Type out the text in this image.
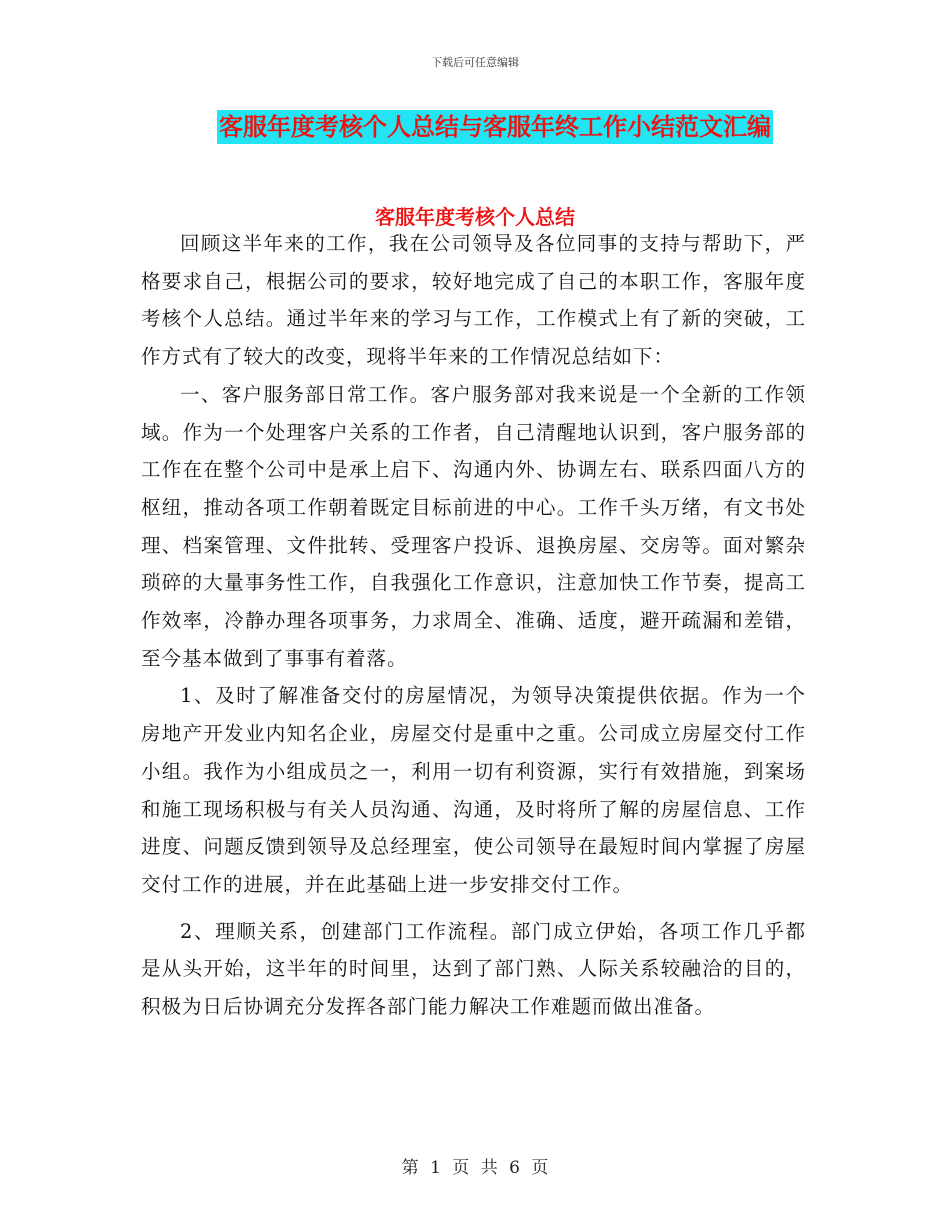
下载后可任意编辑
客服年度考核个人总结与客服年终工作小结范文汇编
客服年度考核个人总结

回顾这半年来的工作，我在公司领导及各位同事的支持与帮助下，严格要求自己，根据公司的要求，较好地完成了自己的本职工作，客服年度考核个人总结。通过半年来的学习与工作，工作模式上有了新的突破，工作方式有了较大的改变，现将半年来的工作情况总结如下：

一、客户服务部日常工作。客户服务部对我来说是一个全新的工作领域。作为一个处理客户关系的工作者，自己清醒地认识到，客户服务部的工作在在整个公司中是承上启下、沟通内外、协调左右、联系四面八方的枢纽，推动各项工作朝着既定目标前进的中心。工作千头万绪，有文书处理、档案管理、文件批转、受理客户投诉、退换房屋、交房等。面对繁杂琐碎的大量事务性工作，自我强化工作意识，注意加快工作节奏，提高工作效率，冷静办理各项事务，力求周全、准确、适度，避开疏漏和差错，至今基本做到了事事有着落。

1、及时了解准备交付的房屋情况，为领导决策提供依据。作为一个房地产开发业内知名企业，房屋交付是重中之重。公司成立房屋交付工作小组。我作为小组成员之一，利用一切有利资源，实行有效措施，到案场和施工现场积极与有关人员沟通、沟通，及时将所了解的房屋信息、工作进度、问题反馈到领导及总经理室，使公司领导在最短时间内掌握了房屋交付工作的进展，并在此基础上进一步安排交付工作。

2、理顺关系，创建部门工作流程。部门成立伊始，各项工作几乎都是从头开始，这半年的时间里，达到了部门熟、人际关系较融洽的目的，积极为日后协调充分发挥各部门能力解决工作难题而做出准备。

第 1 页 共 6 页
